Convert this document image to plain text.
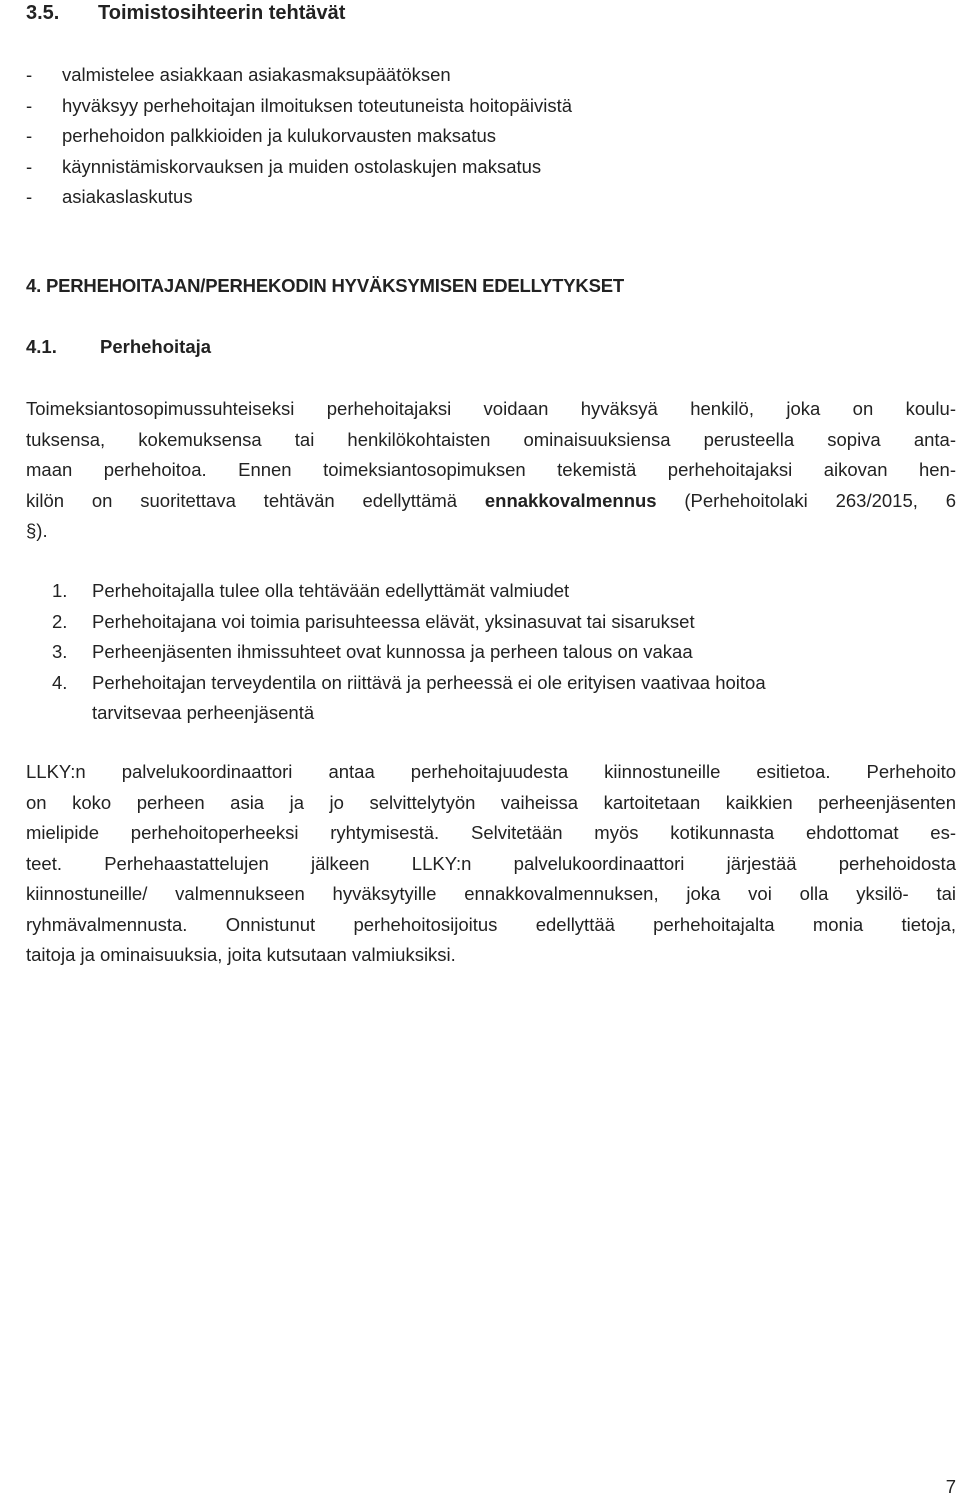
3.5. Toimistosihteerin tehtävät
- valmistelee asiakkaan asiakasmaksupäätöksen
- hyväksyy perhehoitajan ilmoituksen toteutuneista hoitopäivistä
- perhehoidon palkkioiden ja kulukorvausten maksatus
- käynnistämiskorvauksen ja muiden ostolaskujen maksatus
- asiakaslaskutus
4. PERHEHOITAJAN/PERHEKODIN HYVÄKSYMISEN EDELLYTYKSET
4.1. Perhehoitaja
Toimeksiantosopimussuhteiseksi perhehoitajaksi voidaan hyväksyä henkilö, joka on koulu-
tuksensa, kokemuksensa tai henkilökohtaisten ominaisuuksiensa perusteella sopiva anta-
maan perhehoitoa. Ennen toimeksiantosopimuksen tekemistä perhehoitajaksi aikovan hen-
kilön on suoritettava tehtävän edellyttämä ennakkovalmennus (Perhehoitolaki 263/2015, 6
§).
1. Perhehoitajalla tulee olla tehtävään edellyttämät valmiudet
2. Perhehoitajana voi toimia parisuhteessa elävät, yksinasuvat tai sisarukset
3. Perheenjäsenten ihmissuhteet ovat kunnossa ja perheen talous on vakaa
4. Perhehoitajan terveydentila on riittävä ja perheessä ei ole erityisen vaativaa hoitoa
tarvitsevaa perheenjäsentä
LLKY:n palvelukoordinaattori antaa perhehoitajuudesta kiinnostuneille esitietoa. Perhehoito
on koko perheen asia ja jo selvittelytyön vaiheissa kartoitetaan kaikkien perheenjäsenten
mielipide perhehoitoperheeksi ryhtymisestä. Selvitetään myös kotikunnasta ehdottomat es-
teet. Perhehaastattelujen jälkeen LLKY:n palvelukoordinaattori järjestää perhehoidosta
kiinnostuneille/ valmennukseen hyväksytyille ennakkovalmennuksen, joka voi olla yksilö- tai
ryhmävalmennusta. Onnistunut perhehoitosijoitus edellyttää perhehoitajalta monia tietoja,
taitoja ja ominaisuuksia, joita kutsutaan valmiuksiksi.
7
